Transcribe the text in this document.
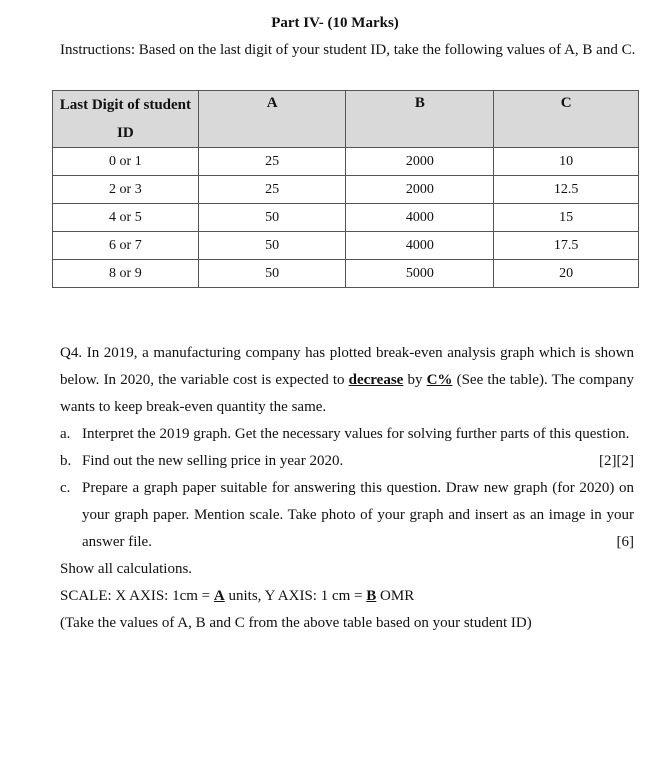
Part IV- (10 Marks)
Instructions: Based on the last digit of your student ID, take the following values of A, B and C.
Last Digit of student ID	A	B	C
0 or 1	25	2000	10
2 or 3	25	2000	12.5
4 or 5	50	4000	15
6 or 7	50	4000	17.5
8 or 9	50	5000	20

Q4. In 2019, a manufacturing company has plotted break-even analysis graph which is shown below. In 2020, the variable cost is expected to decrease by C% (See the table). The company wants to keep break-even quantity the same.

a. Interpret the 2019 graph. Get the necessary values for solving further parts of this question.
[2]
b. Find out the new selling price in year 2020.	[2]
c. Prepare a graph paper suitable for answering this question. Draw new graph (for 2020) on your graph paper. Mention scale. Take photo of your graph and insert as an image in your answer file.	[6]

Show all calculations.

SCALE: X AXIS: 1cm = A units, Y AXIS: 1 cm = B OMR

(Take the values of A, B and C from the above table based on your student ID)
